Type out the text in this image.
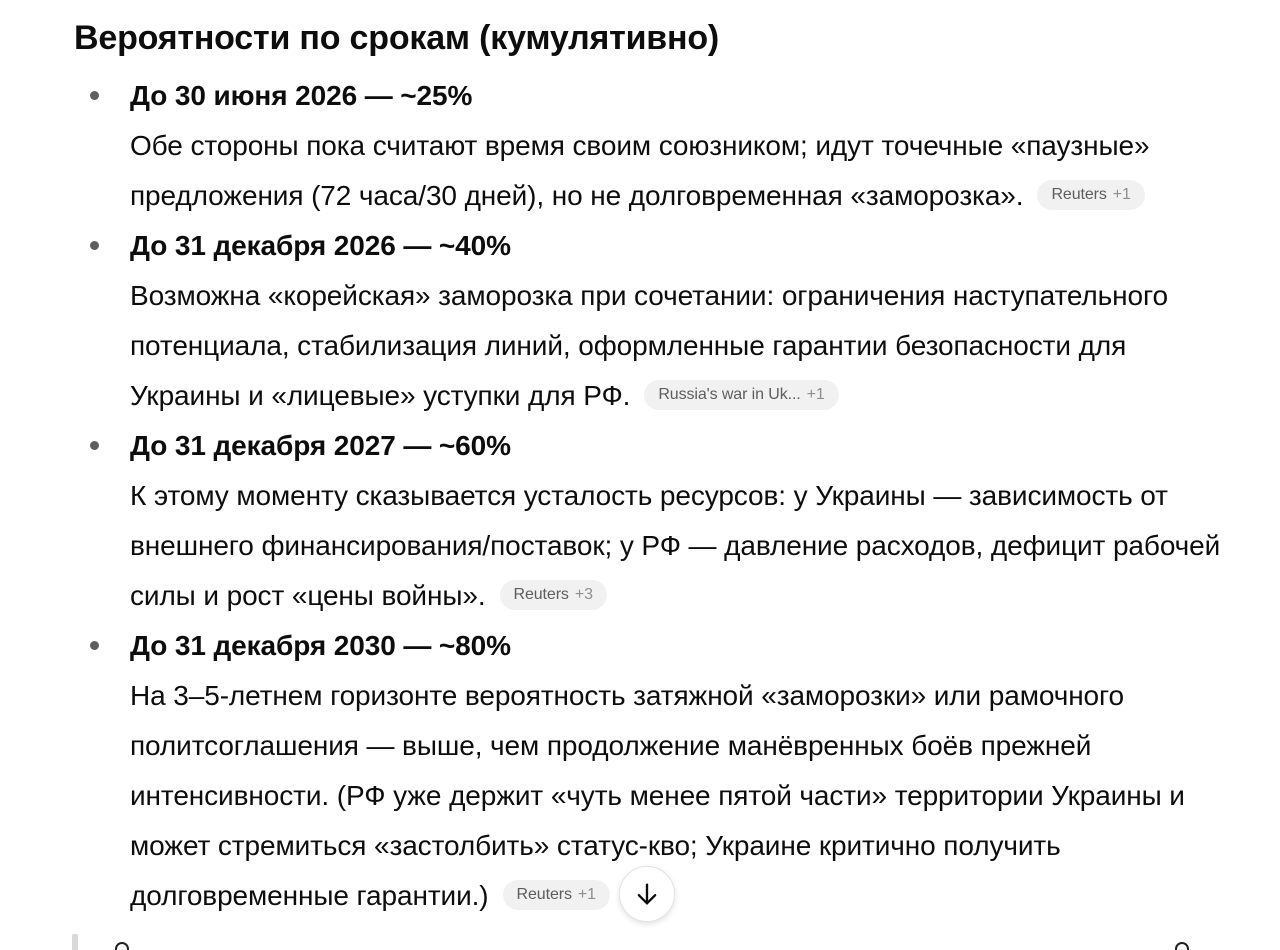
Вероятности по срокам (кумулятивно)
До 30 июня 2026 — ~25%
Обе стороны пока считают время своим союзником; идут точечные «паузные» предложения (72 часа/30 дней), но не долговременная «заморозка». Reuters +1
До 31 декабря 2026 — ~40%
Возможна «корейская» заморозка при сочетании: ограничения наступательного потенциала, стабилизация линий, оформленные гарантии безопасности для Украины и «лицевые» уступки для РФ. Russia's war in Uk... +1
До 31 декабря 2027 — ~60%
К этому моменту сказывается усталость ресурсов: у Украины — зависимость от внешнего финансирования/поставок; у РФ — давление расходов, дефицит рабочей силы и рост «цены войны». Reuters +3
До 31 декабря 2030 — ~80%
На 3–5-летнем горизонте вероятность затяжной «заморозки» или рамочного политсоглашения — выше, чем продолжение манёвренных боёв прежней интенсивности. (РФ уже держит «чуть менее пятой части» территории Украины и может стремиться «застолбить» статус-кво; Украине критично получить долговременные гарантии.) Reuters +1
